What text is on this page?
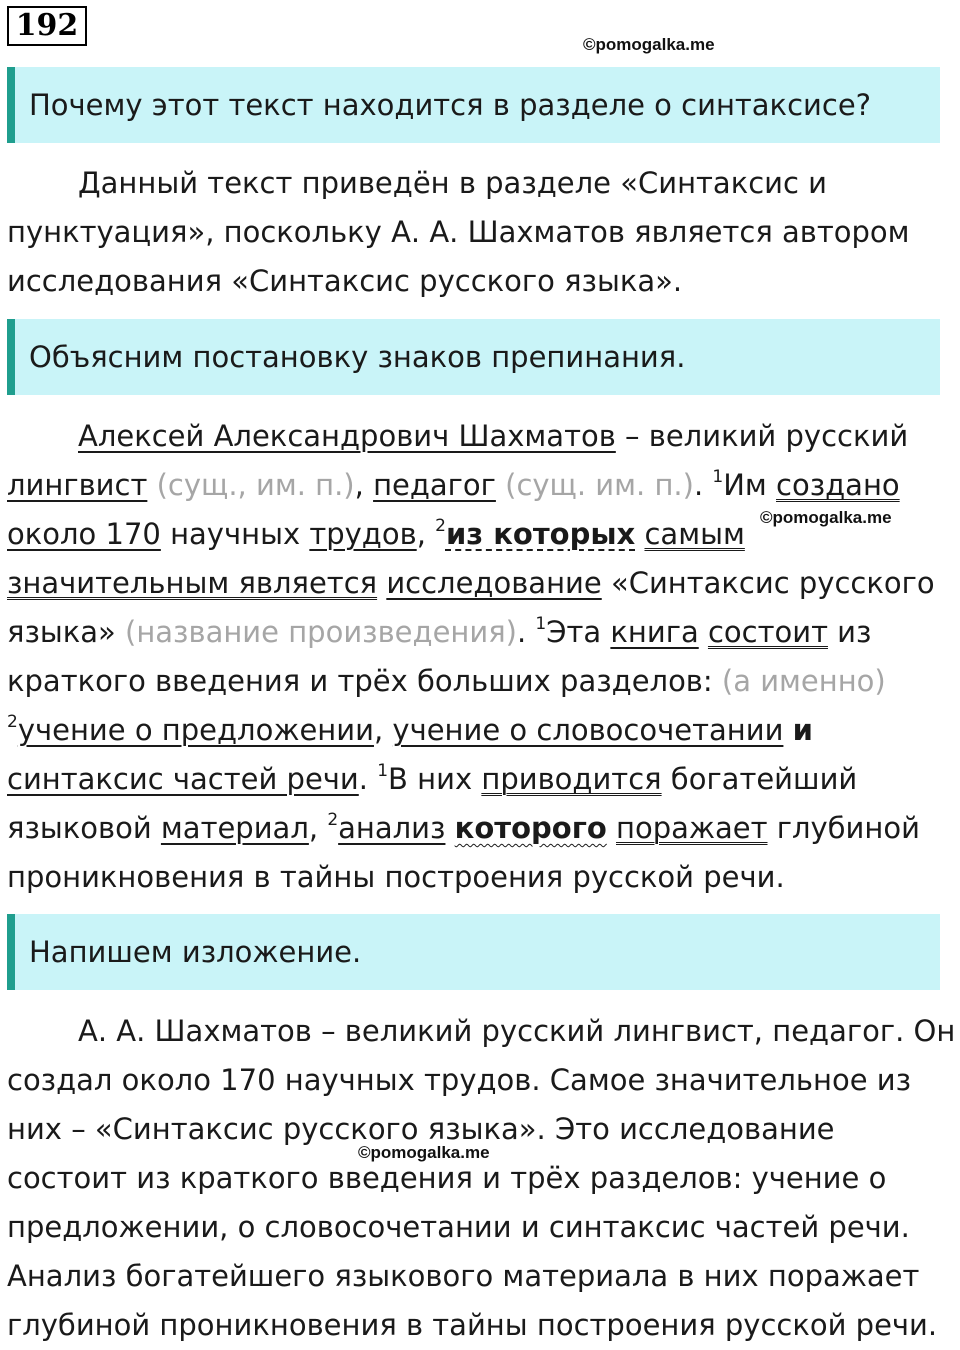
192
©pomogalka.me
©pomogalka.me
©pomogalka.me
Почему этот текст находится в разделе о синтаксисе?

Данный текст приведён в разделе «Синтаксис и пунктуация», поскольку А. А. Шахматов является автором исследования «Синтаксис русского языка».

Объясним постановку знаков препинания.

Алексей Александрович Шахматов – великий русский лингвист (сущ., им. п.), педагог (сущ. им. п.). $^1$Им создано около 170 научных трудов, $^2$из которых самым значительным является исследование «Синтаксис русского языка» (название произведения). $^1$Эта книга состоит из краткого введения и трёх больших разделов: (а именно) $^2$учение о предложении, учение о словосочетании и синтаксис частей речи. $^1$В них приводится богатейший языковой материал, $^2$анализ которого поражает глубиной проникновения в тайны построения русской речи.

Напишем изложение.

А. А. Шахматов – великий русский лингвист, педагог. Он создал около 170 научных трудов. Самое значительное из них – «Синтаксис русского языка». Это исследование состоит из краткого введения и трёх разделов: учение о предложении, о словосочетании и синтаксис частей речи. Анализ богатейшего языкового материала в них поражает глубиной проникновения в тайны построения русской речи.
